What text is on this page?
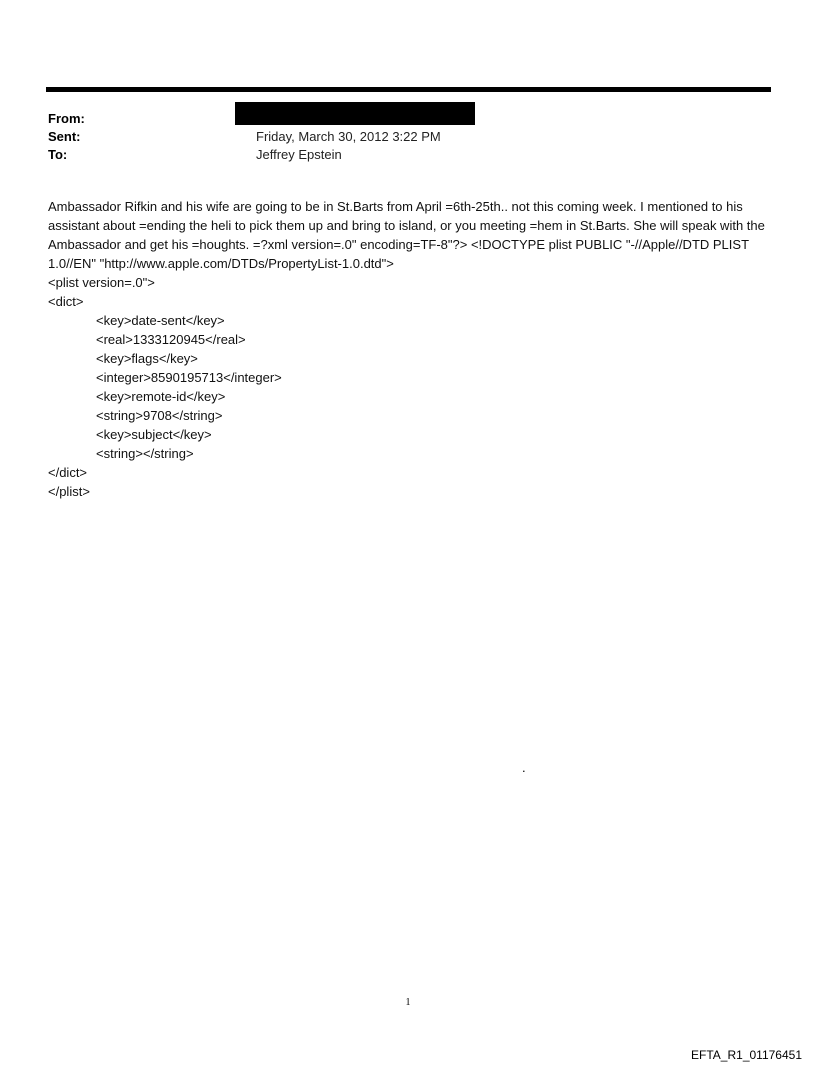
From:
Sent:	Friday, March 30, 2012 3:22 PM
To:	Jeffrey Epstein

Ambassador Rifkin and his wife are going to be in St.Barts from April =6th-25th.. not this coming week. I mentioned to his assistant about =ending the heli to pick them up and bring to island, or you meeting =hem in St.Barts. She will speak with the Ambassador and get his =houghts. =?xml version=.0" encoding=TF-8"?> <!DOCTYPE plist PUBLIC "-//Apple//DTD PLIST 1.0//EN" "http://www.apple.com/DTDs/PropertyList-1.0.dtd">

<plist version=.0">
<dict>
<key>date-sent</key>
<real>1333120945</real>
<key>flags</key>
<integer>8590195713</integer>
<key>remote-id</key>
<string>9708</string>
<key>subject</key>
<string></string>
</dict>
</plist>
.
1
EFTA_R1_01176451
